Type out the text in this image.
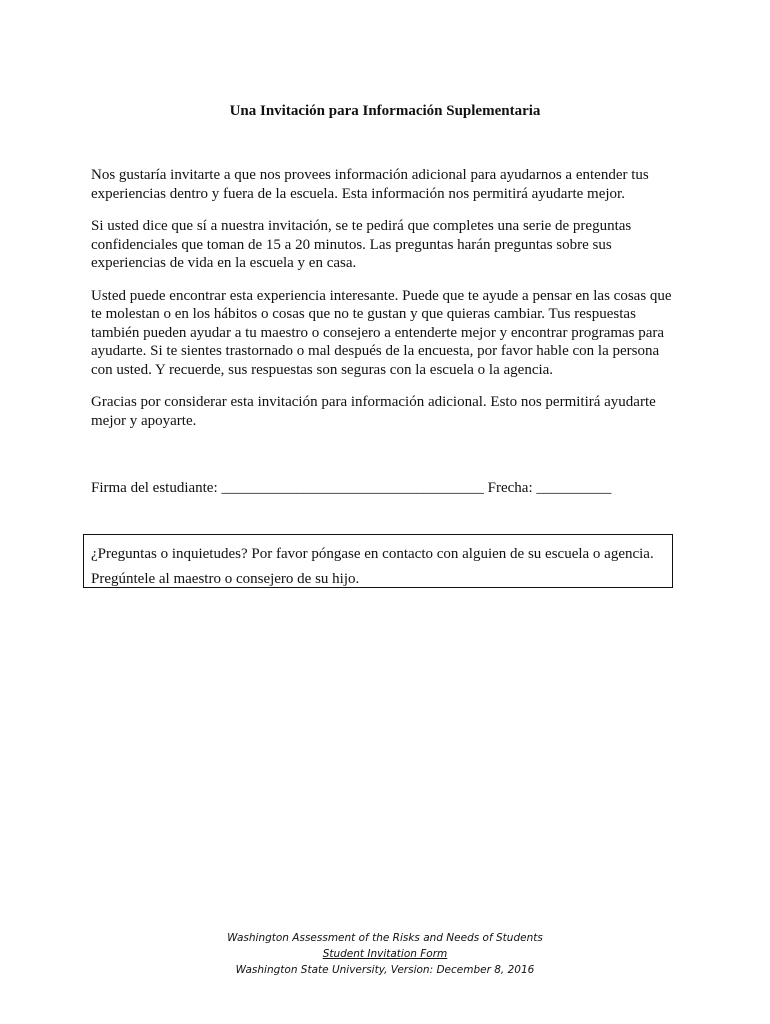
Una Invitación para Información Suplementaria

Nos gustaría invitarte a que nos provees información adicional para ayudarnos a entender tus experiencias dentro y fuera de la escuela. Esta información nos permitirá ayudarte mejor.

Si usted dice que sí a nuestra invitación, se te pedirá que completes una serie de preguntas confidenciales que toman de 15 a 20 minutos. Las preguntas harán preguntas sobre sus experiencias de vida en la escuela y en casa.

Usted puede encontrar esta experiencia interesante. Puede que te ayude a pensar en las cosas que te molestan o en los hábitos o cosas que no te gustan y que quieras cambiar. Tus respuestas también pueden ayudar a tu maestro o consejero a entenderte mejor y encontrar programas para ayudarte. Si te sientes trastornado o mal después de la encuesta, por favor hable con la persona con usted. Y recuerde, sus respuestas son seguras con la escuela o la agencia.

Gracias por considerar esta invitación para información adicional. Esto nos permitirá ayudarte mejor y apoyarte.

Firma del estudiante: ___________________________________ Frecha: __________
¿Preguntas o inquietudes? Por favor póngase en contacto con alguien de su escuela o agencia.
Pregúntele al maestro o consejero de su hijo.
Washington Assessment of the Risks and Needs of Students
Student Invitation Form
Washington State University, Version: December 8, 2016
